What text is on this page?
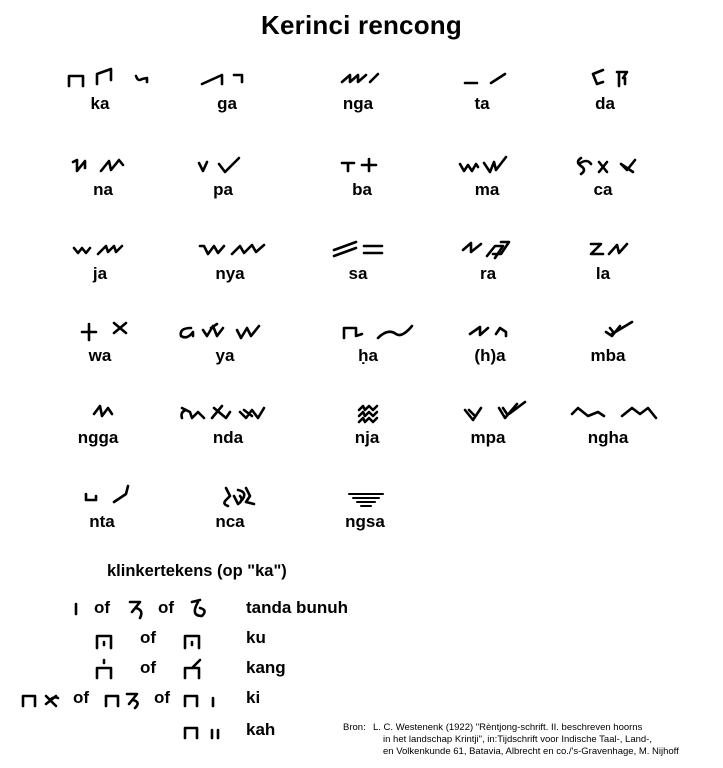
Kerinci rencong
ka	ga	nga	ta	da
na	pa	ba	ma	ca
ja	nya	sa	ra	la
wa	ya	ḥa	(h)a	mba
ngga	nda	nja	mpa	ngha
nta	nca	ngsa
klinkertekens (op "ka")
of	of	tanda bunuh
of	ku
of	kang
of	of	ki
kah	Bron: L. C. Westenenk (1922) "Rèntjong-schrift. II. beschreven hoorns
in het landschap Krintji", in:Tijdschrift voor Indische Taal-, Land-,
en Volkenkunde 61, Batavia, Albrecht en co./'s-Gravenhage, M. Nijhoff
